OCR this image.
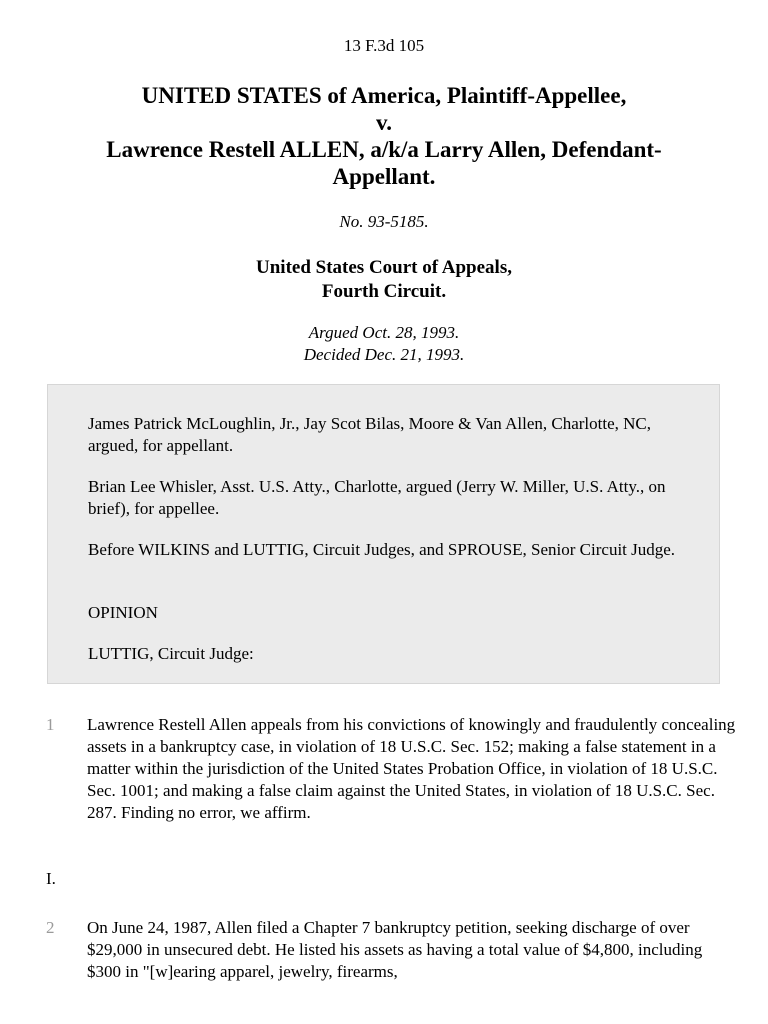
13 F.3d 105
UNITED STATES of America, Plaintiff-Appellee,
v.
Lawrence Restell ALLEN, a/k/a Larry Allen, Defendant-
Appellant.
No. 93-5185.
United States Court of Appeals,
Fourth Circuit.
Argued Oct. 28, 1993.
Decided Dec. 21, 1993.

James Patrick McLoughlin, Jr., Jay Scot Bilas, Moore & Van Allen, Charlotte, NC, argued, for appellant.

Brian Lee Whisler, Asst. U.S. Atty., Charlotte, argued (Jerry W. Miller, U.S. Atty., on brief), for appellee.

Before WILKINS and LUTTIG, Circuit Judges, and SPROUSE, Senior Circuit Judge.

OPINION

LUTTIG, Circuit Judge:

1 Lawrence Restell Allen appeals from his convictions of knowingly and fraudulently concealing assets in a bankruptcy case, in violation of 18 U.S.C. Sec. 152; making a false statement in a matter within the jurisdiction of the United States Probation Office, in violation of 18 U.S.C. Sec. 1001; and making a false claim against the United States, in violation of 18 U.S.C. Sec. 287. Finding no error, we affirm.

I.
2 On June 24, 1987, Allen filed a Chapter 7 bankruptcy petition, seeking discharge of over $29,000 in unsecured debt. He listed his assets as having a total value of $4,800, including $300 in "[w]earing apparel, jewelry, firearms,
